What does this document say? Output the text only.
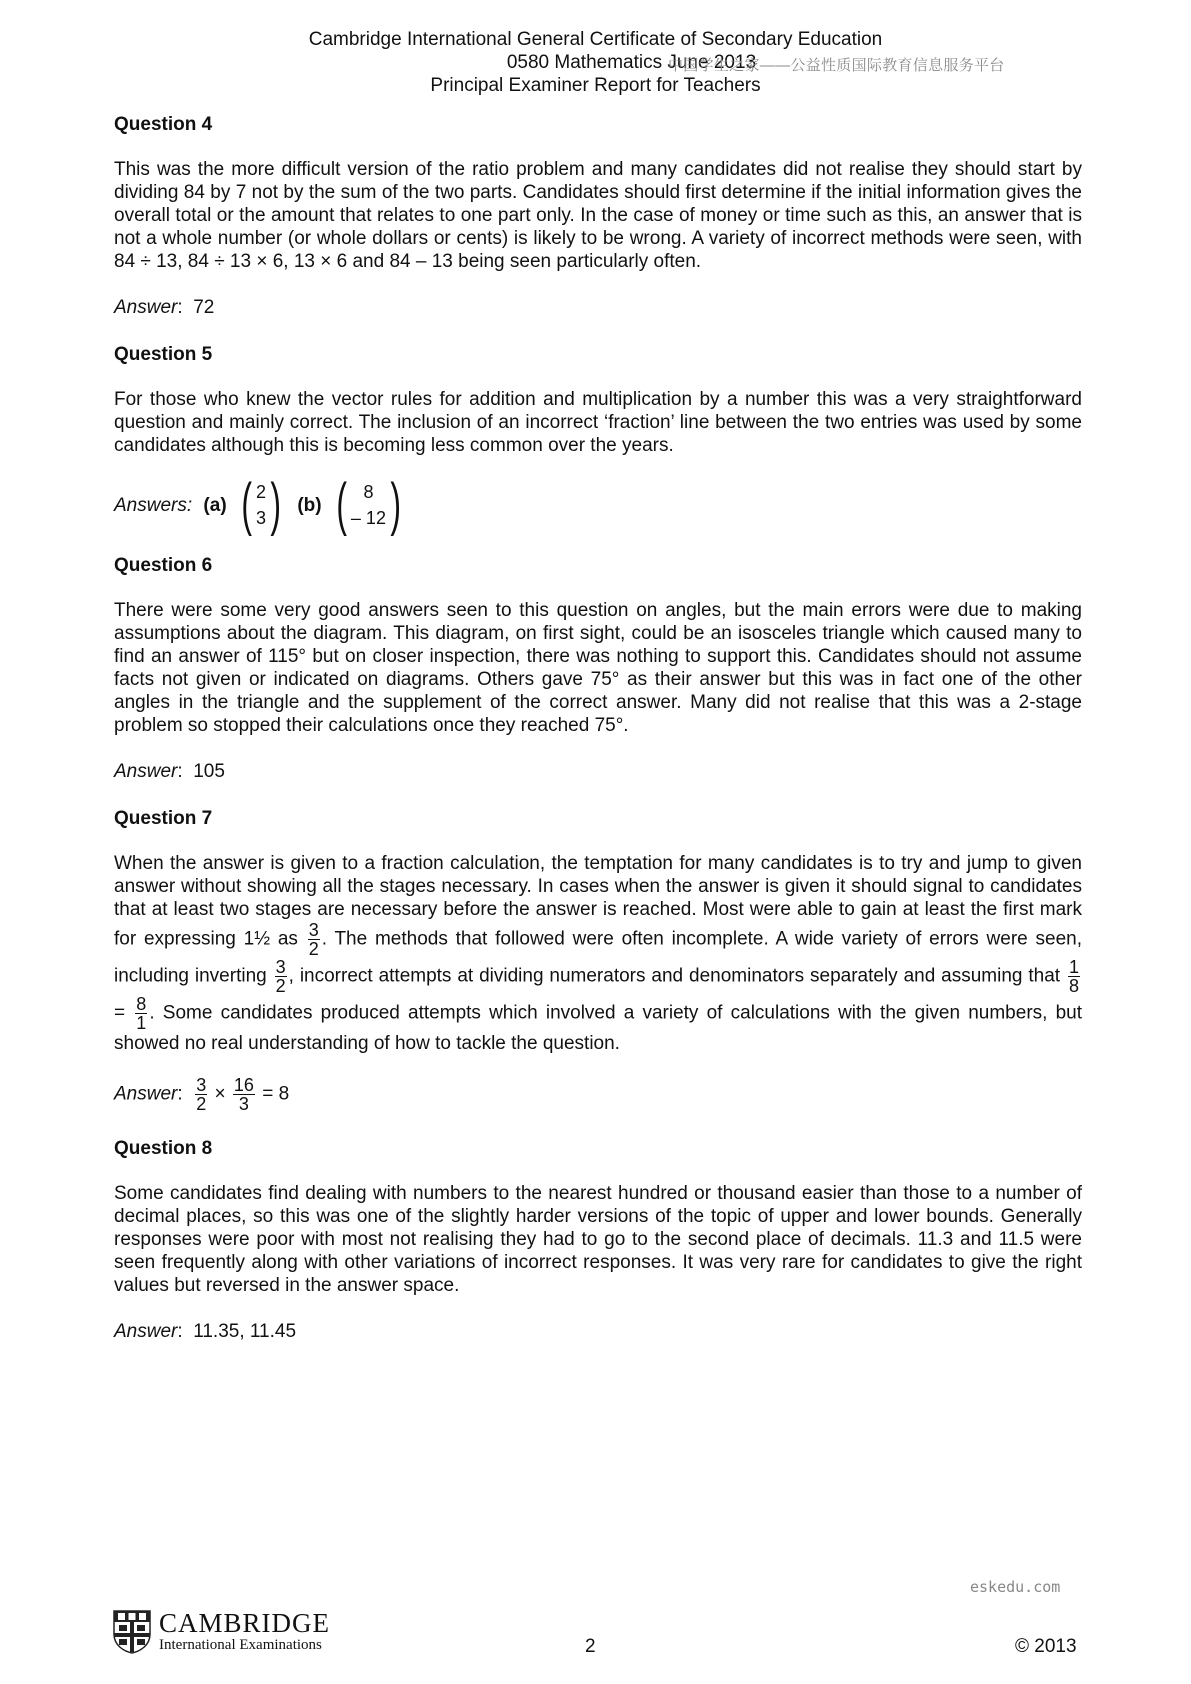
Cambridge International General Certificate of Secondary Education
0580 Mathematics June 2013
Principal Examiner Report for Teachers
中国学生之家——公益性质国际教育信息服务平台
Question 4

This was the more difficult version of the ratio problem and many candidates did not realise they should start by dividing 84 by 7 not by the sum of the two parts. Candidates should first determine if the initial information gives the overall total or the amount that relates to one part only. In the case of money or time such as this, an answer that is not a whole number (or whole dollars or cents) is likely to be wrong. A variety of incorrect methods were seen, with 84 ÷ 13, 84 ÷ 13 × 6, 13 × 6 and 84 – 13 being seen particularly often.

Answer:  72
Question 5

For those who knew the vector rules for addition and multiplication by a number this was a very straightforward question and mainly correct. The inclusion of an incorrect ‘fraction’ line between the two entries was used by some candidates although this is becoming less common over the years.

Answers:
(a) ( 2
3 ) (b) ( 8
– 12 )
Question 6

There were some very good answers seen to this question on angles, but the main errors were due to making assumptions about the diagram. This diagram, on first sight, could be an isosceles triangle which caused many to find an answer of 115° but on closer inspection, there was nothing to support this. Candidates should not assume facts not given or indicated on diagrams. Others gave 75° as their answer but this was in fact one of the other angles in the triangle and the supplement of the correct answer. Many did not realise that this was a 2-stage problem so stopped their calculations once they reached 75°.

Answer:  105
Question 7

When the answer is given to a fraction calculation, the temptation for many candidates is to try and jump to given answer without showing all the stages necessary. In cases when the answer is given it should signal to candidates that at least two stages are necessary before the answer is reached. Most were able to gain at least the first mark for expressing 1½ as $\frac{3}{2}$ . The methods that followed were often incomplete. A wide variety of errors were seen, including inverting $\frac{3}{2}$ , incorrect attempts at dividing numerators and denominators separately and assuming that $\frac{1}{8}$
= $\frac{8}{1}$ . Some candidates produced attempts which involved a variety of calculations with the given numbers, but showed no real understanding of how to tackle the question.

Answer: $\frac{3}{2} \times \frac{16}{3} = 8$
Question 8

Some candidates find dealing with numbers to the nearest hundred or thousand easier than those to a number of decimal places, so this was one of the slightly harder versions of the topic of upper and lower bounds. Generally responses were poor with most not realising they had to go to the second place of decimals. 11.3 and 11.5 were seen frequently along with other variations of incorrect responses. It was very rare for candidates to give the right values but reversed in the answer space.

Answer:  11.35, 11.45
eskedu.com
CAMBRIDGE
International Examinations	2	© 2013
